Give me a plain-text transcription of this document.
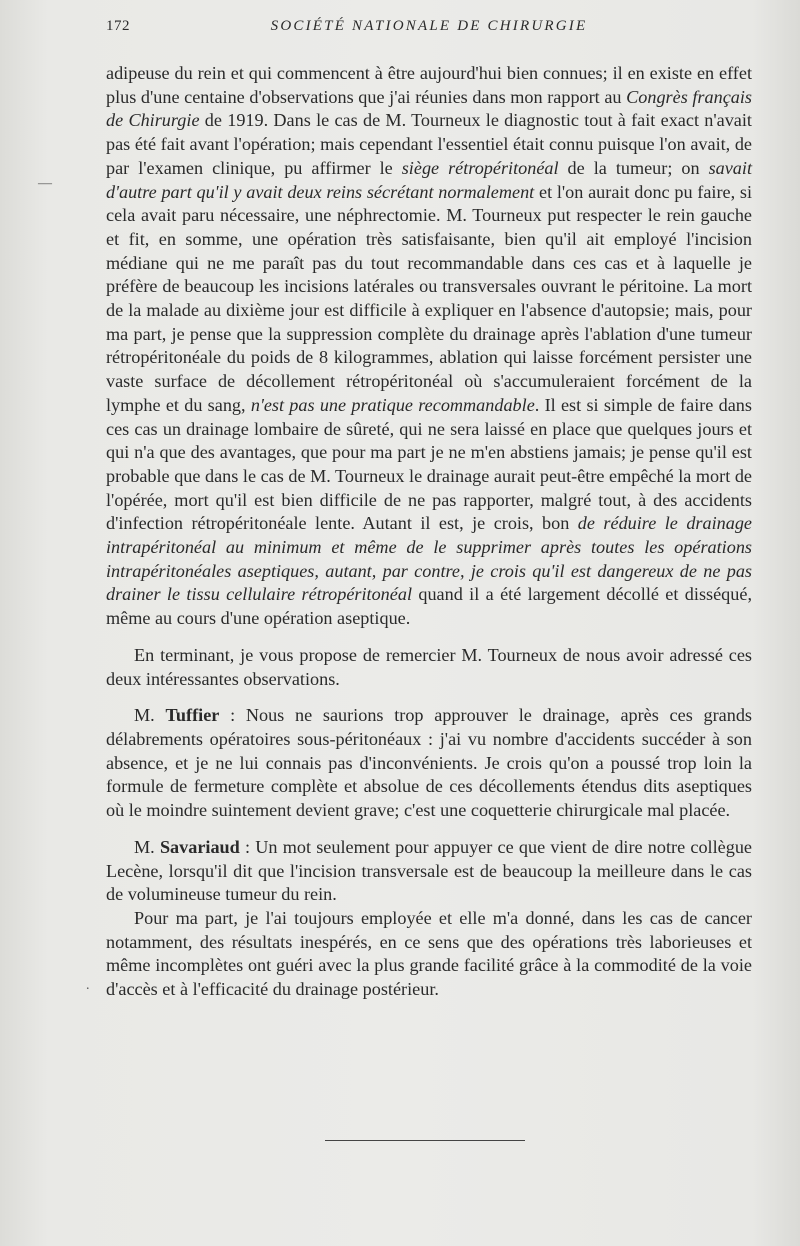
172	SOCIÉTÉ NATIONALE DE CHIRURGIE
—
.

adipeuse du rein et qui commencent à être aujourd'hui bien connues; il en existe en effet plus d'une centaine d'observations que j'ai réunies dans mon rapport au Congrès français de Chirurgie de 1919. Dans le cas de M. Tourneux le diagnostic tout à fait exact n'avait pas été fait avant l'opération; mais cependant l'essentiel était connu puisque l'on avait, de par l'examen clinique, pu affirmer le siège rétropéritonéal de la tumeur; on savait d'autre part qu'il y avait deux reins sécrétant normalement et l'on aurait donc pu faire, si cela avait paru nécessaire, une néphrectomie. M. Tourneux put respecter le rein gauche et fit, en somme, une opération très satisfaisante, bien qu'il ait employé l'incision médiane qui ne me paraît pas du tout recommandable dans ces cas et à laquelle je préfère de beaucoup les incisions latérales ou transversales ouvrant le péritoine. La mort de la malade au dixième jour est difficile à expliquer en l'absence d'autopsie; mais, pour ma part, je pense que la suppression complète du drainage après l'ablation d'une tumeur rétropéritonéale du poids de 8 kilogrammes, ablation qui laisse forcément persister une vaste surface de décollement rétropéritonéal où s'accumuleraient forcément de la lymphe et du sang, n'est pas une pratique recommandable. Il est si simple de faire dans ces cas un drainage lombaire de sûreté, qui ne sera laissé en place que quelques jours et qui n'a que des avantages, que pour ma part je ne m'en abstiens jamais; je pense qu'il est probable que dans le cas de M. Tourneux le drainage aurait peut-être empêché la mort de l'opérée, mort qu'il est bien difficile de ne pas rapporter, malgré tout, à des accidents d'infection rétropéritonéale lente. Autant il est, je crois, bon de réduire le drainage intrapéritonéal au minimum et même de le supprimer après toutes les opérations intrapéritonéales aseptiques, autant, par contre, je crois qu'il est dangereux de ne pas drainer le tissu cellulaire rétropéritonéal quand il a été largement décollé et disséqué, même au cours d'une opération aseptique.

En terminant, je vous propose de remercier M. Tourneux de nous avoir adressé ces deux intéressantes observations.

M. Tuffier : Nous ne saurions trop approuver le drainage, après ces grands délabrements opératoires sous-péritonéaux : j'ai vu nombre d'accidents succéder à son absence, et je ne lui connais pas d'inconvénients. Je crois qu'on a poussé trop loin la formule de fermeture complète et absolue de ces décollements étendus dits aseptiques où le moindre suintement devient grave; c'est une coquetterie chirurgicale mal placée.

M. Savariaud : Un mot seulement pour appuyer ce que vient de dire notre collègue Lecène, lorsqu'il dit que l'incision transversale est de beaucoup la meilleure dans le cas de volumineuse tumeur du rein.

Pour ma part, je l'ai toujours employée et elle m'a donné, dans les cas de cancer notamment, des résultats inespérés, en ce sens que des opérations très laborieuses et même incomplètes ont guéri avec la plus grande facilité grâce à la commodité de la voie d'accès et à l'efficacité du drainage postérieur.
